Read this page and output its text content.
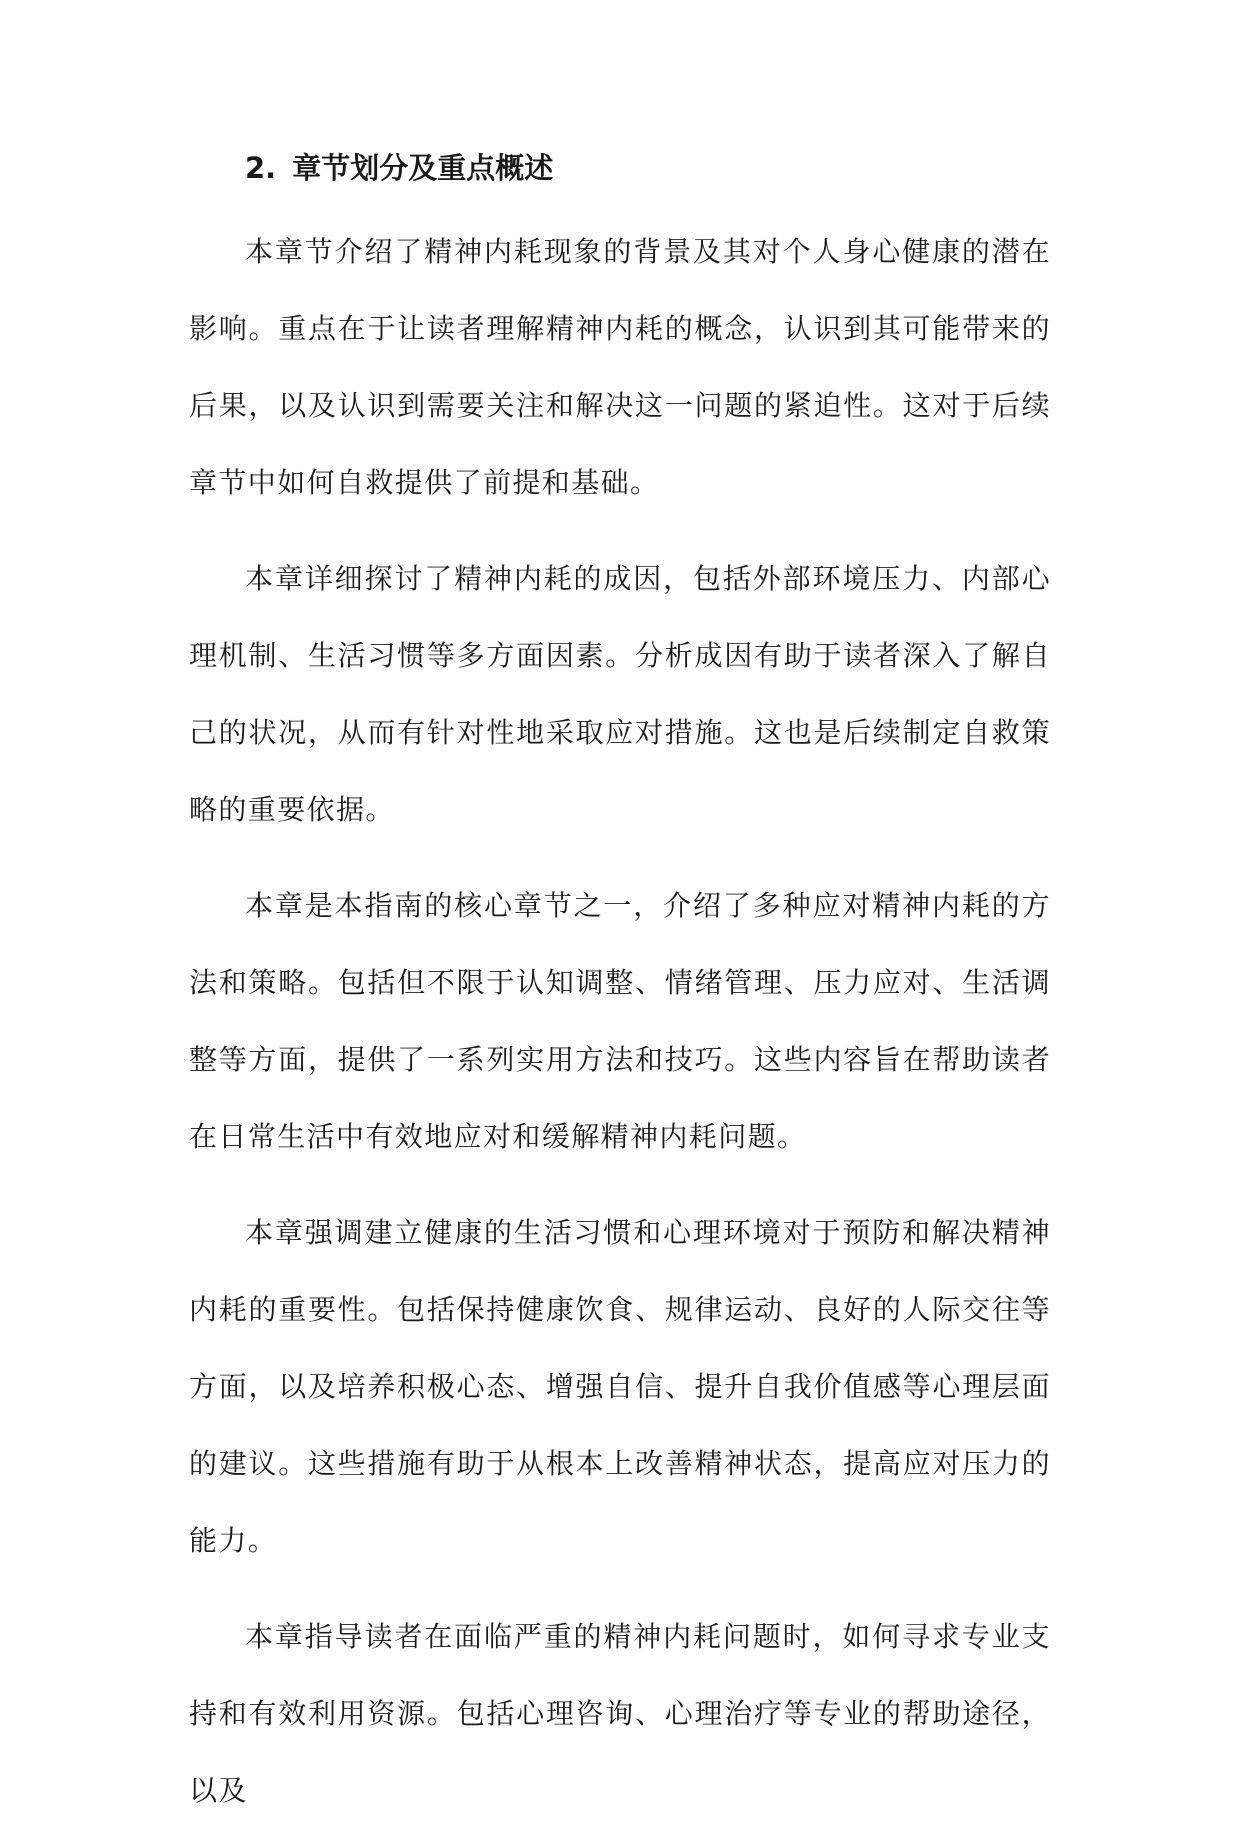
2. 章节划分及重点概述

本章节介绍了精神内耗现象的背景及其对个人身心健康的潜在影响。重点在于让读者理解精神内耗的概念，认识到其可能带来的后果，以及认识到需要关注和解决这一问题的紧迫性。这对于后续章节中如何自救提供了前提和基础。

本章详细探讨了精神内耗的成因，包括外部环境压力、内部心理机制、生活习惯等多方面因素。分析成因有助于读者深入了解自己的状况，从而有针对性地采取应对措施。这也是后续制定自救策略的重要依据。

本章是本指南的核心章节之一，介绍了多种应对精神内耗的方法和策略。包括但不限于认知调整、情绪管理、压力应对、生活调整等方面，提供了一系列实用方法和技巧。这些内容旨在帮助读者在日常生活中有效地应对和缓解精神内耗问题。

本章强调建立健康的生活习惯和心理环境对于预防和解决精神内耗的重要性。包括保持健康饮食、规律运动、良好的人际交往等方面，以及培养积极心态、增强自信、提升自我价值感等心理层面的建议。这些措施有助于从根本上改善精神状态，提高应对压力的能力。

本章指导读者在面临严重的精神内耗问题时，如何寻求专业支持和有效利用资源。包括心理咨询、心理治疗等专业的帮助途径，以及
